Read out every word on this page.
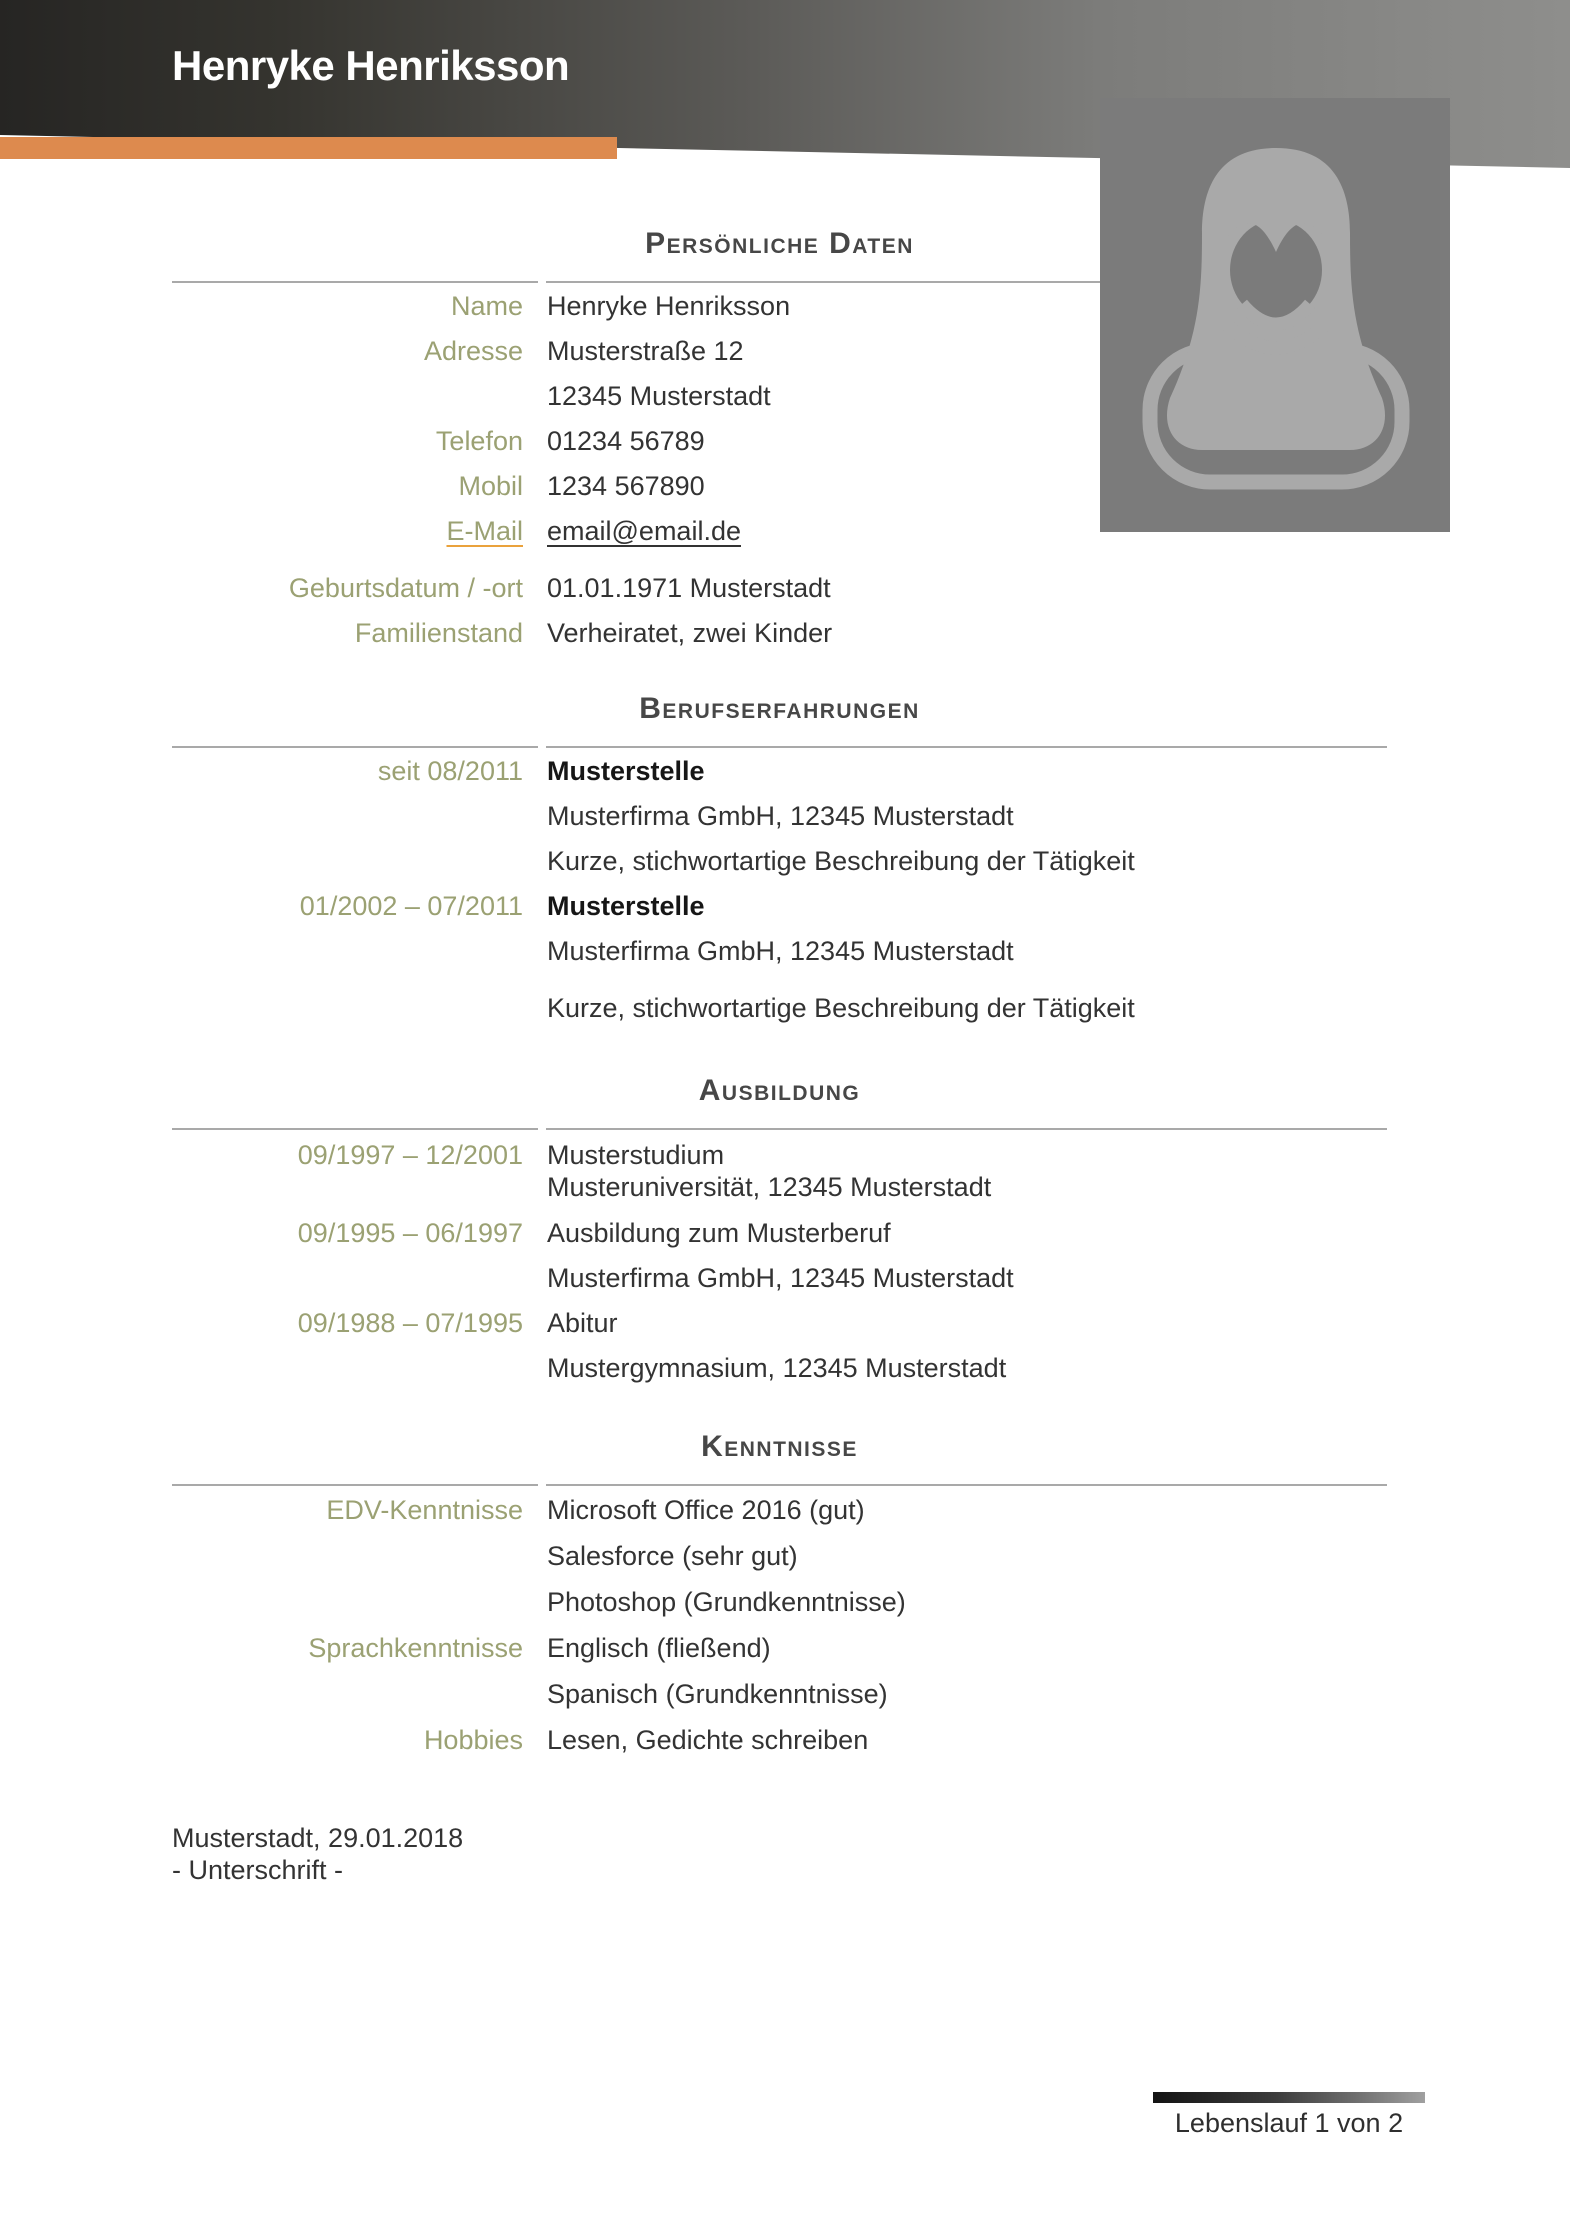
Henryke Henriksson
Persönliche Daten
Name Henryke Henriksson
Adresse Musterstraße 12
12345 Musterstadt
Telefon 01234 56789
Mobil 1234 567890
E-Mail email@email.de
Geburtsdatum / -ort 01.01.1971 Musterstadt
Familienstand Verheiratet, zwei Kinder
Berufserfahrungen
seit 08/2011 Musterstelle
Musterfirma GmbH, 12345 Musterstadt
Kurze, stichwortartige Beschreibung der Tätigkeit
01/2002 – 07/2011 Musterstelle
Musterfirma GmbH, 12345 Musterstadt
Kurze, stichwortartige Beschreibung der Tätigkeit
Ausbildung
09/1997 – 12/2001 Musterstudium
Musteruniversität, 12345 Musterstadt
09/1995 – 06/1997 Ausbildung zum Musterberuf
Musterfirma GmbH, 12345 Musterstadt
09/1988 – 07/1995 Abitur
Mustergymnasium, 12345 Musterstadt
Kenntnisse
EDV-Kenntnisse Microsoft Office 2016 (gut)
Salesforce (sehr gut)
Photoshop (Grundkenntnisse)
Sprachkenntnisse Englisch (fließend)
Spanisch (Grundkenntnisse)
Hobbies Lesen, Gedichte schreiben
Musterstadt, 29.01.2018
- Unterschrift -
Lebenslauf 1 von 2
